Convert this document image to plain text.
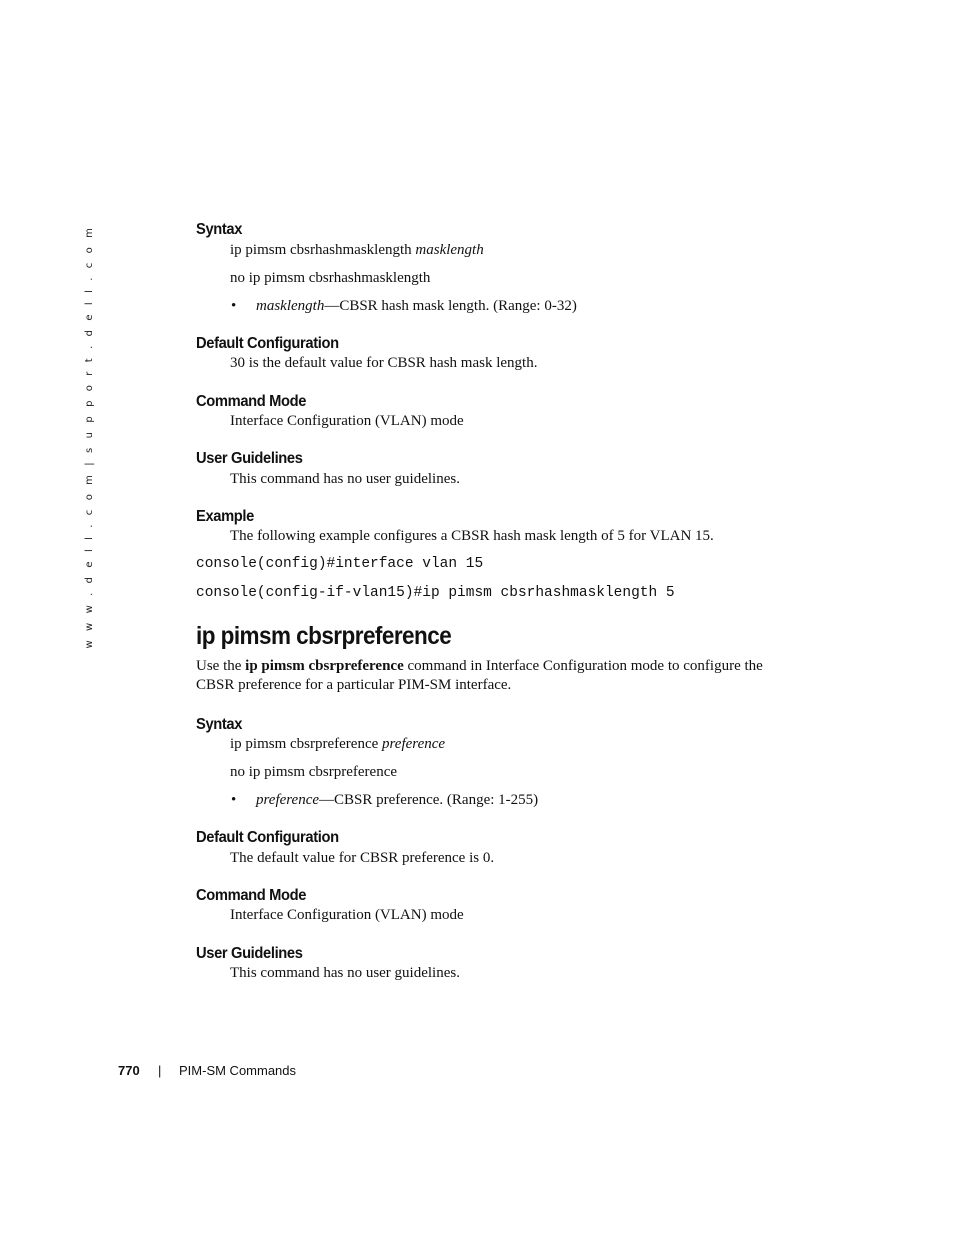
w w w . d e l l . c o m | s u p p o r t . d e l l . c o m	Syntax
ip pimsm cbsrhashmasklength masklength
no ip pimsm cbsrhashmasklength
• masklength—CBSR hash mask length. (Range: 0-32)
Default Configuration
30 is the default value for CBSR hash mask length.
Command Mode
Interface Configuration (VLAN) mode
User Guidelines
This command has no user guidelines.
Example
The following example configures a CBSR hash mask length of 5 for VLAN 15.
console(config)#interface vlan 15
console(config-if-vlan15)#ip pimsm cbsrhashmasklength 5
ip pimsm cbsrpreference
Use the ip pimsm cbsrpreference command in Interface Configuration mode to configure the CBSR preference for a particular PIM-SM interface.
Syntax
ip pimsm cbsrpreference preference
no ip pimsm cbsrpreference
• preference—CBSR preference. (Range: 1-255)
Default Configuration
The default value for CBSR preference is 0.
Command Mode
Interface Configuration (VLAN) mode
User Guidelines
This command has no user guidelines.
770 | PIM-SM Commands
